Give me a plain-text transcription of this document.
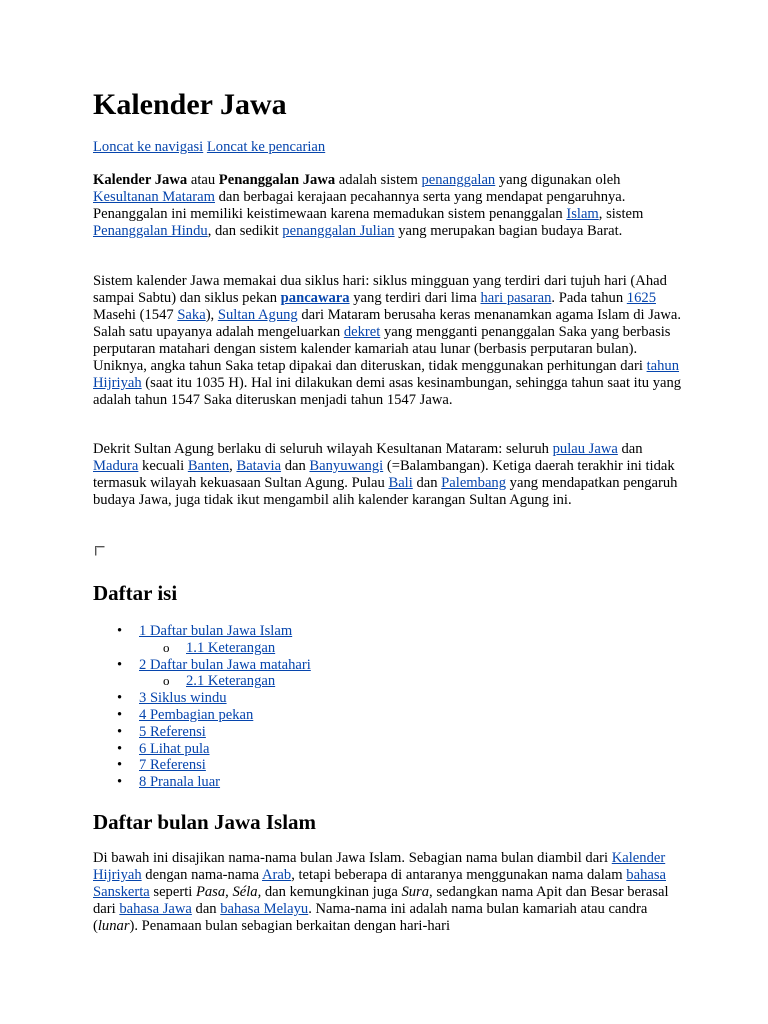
Kalender Jawa
Loncat ke navigasi Loncat ke pencarian
Kalender Jawa atau Penanggalan Jawa adalah sistem penanggalan yang digunakan oleh Kesultanan Mataram dan berbagai kerajaan pecahannya serta yang mendapat pengaruhnya. Penanggalan ini memiliki keistimewaan karena memadukan sistem penanggalan Islam, sistem Penanggalan Hindu, dan sedikit penanggalan Julian yang merupakan bagian budaya Barat.
Sistem kalender Jawa memakai dua siklus hari: siklus mingguan yang terdiri dari tujuh hari (Ahad sampai Sabtu) dan siklus pekan pancawara yang terdiri dari lima hari pasaran. Pada tahun 1625 Masehi (1547 Saka), Sultan Agung dari Mataram berusaha keras menanamkan agama Islam di Jawa. Salah satu upayanya adalah mengeluarkan dekret yang mengganti penanggalan Saka yang berbasis perputaran matahari dengan sistem kalender kamariah atau lunar (berbasis perputaran bulan). Uniknya, angka tahun Saka tetap dipakai dan diteruskan, tidak menggunakan perhitungan dari tahun Hijriyah (saat itu 1035 H). Hal ini dilakukan demi asas kesinambungan, sehingga tahun saat itu yang adalah tahun 1547 Saka diteruskan menjadi tahun 1547 Jawa.
Dekrit Sultan Agung berlaku di seluruh wilayah Kesultanan Mataram: seluruh pulau Jawa dan Madura kecuali Banten, Batavia dan Banyuwangi (=Balambangan). Ketiga daerah terakhir ini tidak termasuk wilayah kekuasaan Sultan Agung. Pulau Bali dan Palembang yang mendapatkan pengaruh budaya Jawa, juga tidak ikut mengambil alih kalender karangan Sultan Agung ini.
Daftar isi
• 1 Daftar bulan Jawa Islam
o 1.1 Keterangan
• 2 Daftar bulan Jawa matahari
o 2.1 Keterangan
• 3 Siklus windu
• 4 Pembagian pekan
• 5 Referensi
• 6 Lihat pula
• 7 Referensi
• 8 Pranala luar
Daftar bulan Jawa Islam
Di bawah ini disajikan nama-nama bulan Jawa Islam. Sebagian nama bulan diambil dari Kalender Hijriyah dengan nama-nama Arab, tetapi beberapa di antaranya menggunakan nama dalam bahasa Sanskerta seperti Pasa, Séla, dan kemungkinan juga Sura, sedangkan nama Apit dan Besar berasal dari bahasa Jawa dan bahasa Melayu. Nama-nama ini adalah nama bulan kamariah atau candra (lunar). Penamaan bulan sebagian berkaitan dengan hari-hari
